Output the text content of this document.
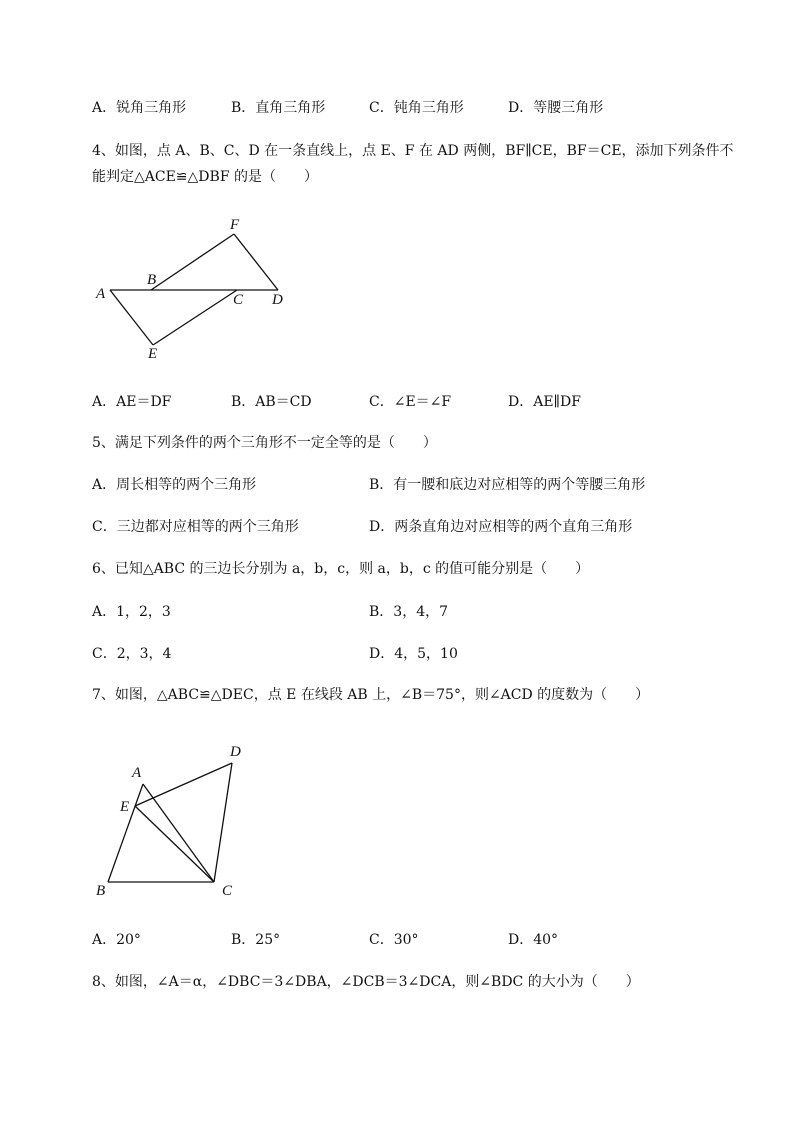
A．锐角三角形	B．直角三角形	C．钝角三角形	D．等腰三角形
4、如图，点 A、B、C、D 在一条直线上，点 E、F 在 AD 两侧，BF∥CE，BF＝CE，添加下列条件不
能判定△ACE≌△DBF 的是（　　）
A
B
C D
E
F
A．AE＝DF	B．AB＝CD	C．∠E＝∠F	D．AE∥DF
5、满足下列条件的两个三角形不一定全等的是（　　）
A．周长相等的两个三角形	B．有一腰和底边对应相等的两个等腰三角形
C．三边都对应相等的两个三角形	D．两条直角边对应相等的两个直角三角形
6、已知△ABC 的三边长分别为 a，b，c，则 a，b，c 的值可能分别是（　　）
A．1，2，3	B．3，4，7
C．2，3，4	D．4，5，10
7、如图，△ABC≌△DEC，点 E 在线段 AB 上，∠B＝75°，则∠ACD 的度数为（　　）
A
B	C
D
E
A．20°	B．25°	C．30°	D．40°
8、如图，∠A＝α，∠DBC＝3∠DBA，∠DCB＝3∠DCA，则∠BDC 的大小为（　　）
